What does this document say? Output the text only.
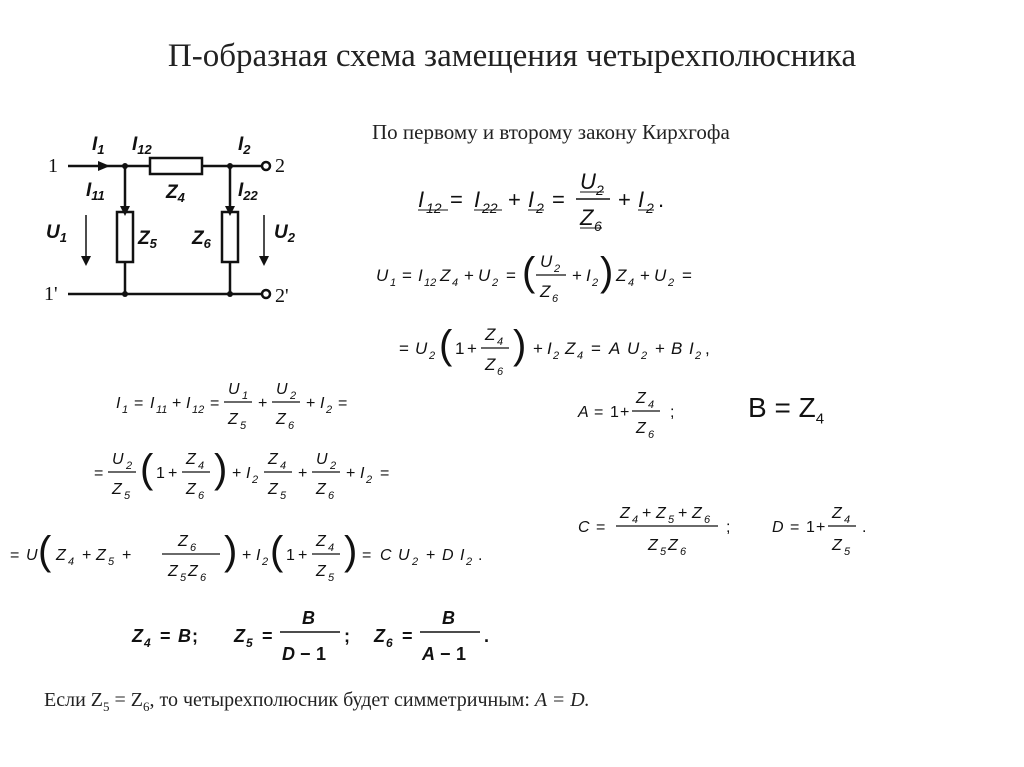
П-образная схема замещения четырехполюсника
1	2
1'	2'
$I_1$ $I_{12}$	$I_2$
$I_{11}$	$I_{22}$
$Z_4$
$Z_5$ $Z_6$
$U_1$	$U_2$
По первому и второму закону Кирхгофа
I 12 = I 22 + I 2 =
U 2
Z 6
+ I 2 .
U 1 = I 12 Z 4 + U 2 = ( U 2
Z 6
+ I 2 ) Z 4 + U 2 =
= U 2 ( 1 +
Z 4
Z 6
) + I 2 Z 4 = A U 2 + B I 2 ,
I 1 = I 11 + I 12 =
U 1
Z 5
+
U 2
Z 6
+ I 2 =
A = 1 +
Z 4
Z 6
;	$B = Z_4$
=
U 2
Z 5
( 1 +
Z 4
Z 6
) + I 2
Z 4
Z 5
+
U 2
Z 6
+ I 2 =
C =
Z 4 + Z 5 + Z 6
Z 5 Z 6
;	D = 1 +
Z 4
Z 5
.
= U ( Z 4 + Z 5 +
Z 6
Z 5 Z 6
) + I 2 ( 1 +
Z 4
Z 5
) = C U 2 + D I 2 .
Z 4 = B ; Z 5 =
B
D − 1
; Z 6 =
B
A − 1
.
Если $Z_5 = Z_6$, то четырехполюсник будет симметричным: A = D.
